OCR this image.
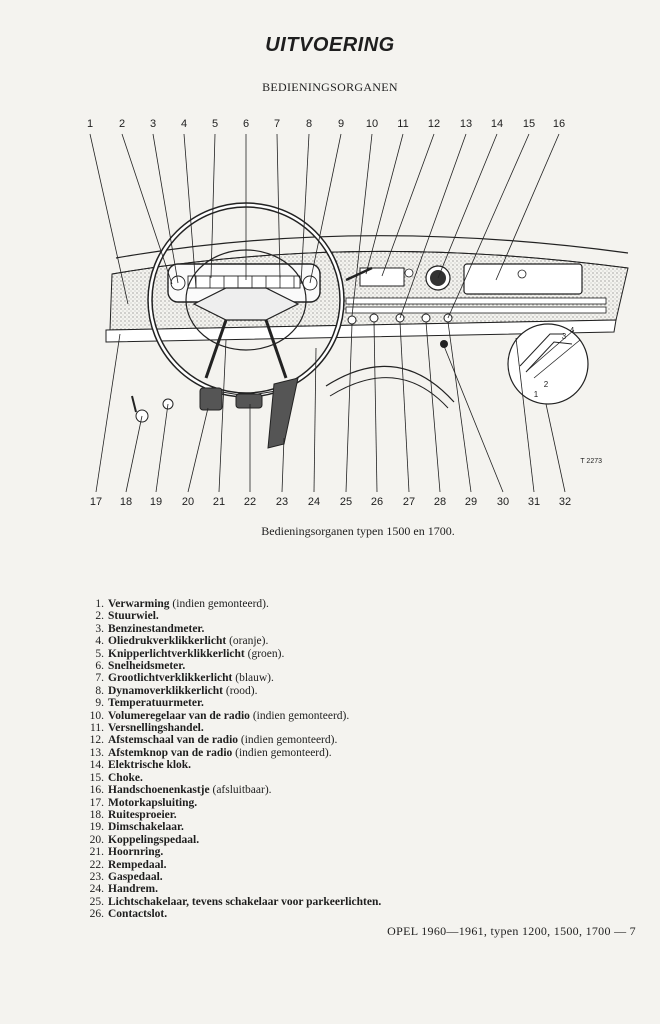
UITVOERING
BEDIENINGSORGANEN
1	2	3	4	5	6	7	8	9	10	11	12	13	14	15	16
17	18	19	20	21	22	23	24	25	26	27	28	29	30	31	32
1
2
3
4
T 2273
Bedieningsorganen typen 1500 en 1700.
1. Verwarming (indien gemonteerd).
2. Stuurwiel.
3. Benzinestandmeter.
4. Oliedrukverklikkerlicht (oranje).
5. Knipperlichtverklikkerlicht (groen).
6. Snelheidsmeter.
7. Grootlichtverklikkerlicht (blauw).
8. Dynamoverklikkerlicht (rood).
9. Temperatuurmeter.
10. Volumeregelaar van de radio (indien gemonteerd).
11. Versnellingshandel.
12. Afstemschaal van de radio (indien gemonteerd).
13. Afstemknop van de radio (indien gemonteerd).
14. Elektrische klok.
15. Choke.
16. Handschoenenkastje (afsluitbaar).
17. Motorkapsluiting.
18. Ruitesproeier.
19. Dimschakelaar.
20. Koppelingspedaal.
21. Hoornring.
22. Rempedaal.
23. Gaspedaal.
24. Handrem.
25. Lichtschakelaar, tevens schakelaar voor parkeerlichten.
26. Contactslot.
OPEL 1960—1961, typen 1200, 1500, 1700 — 7
